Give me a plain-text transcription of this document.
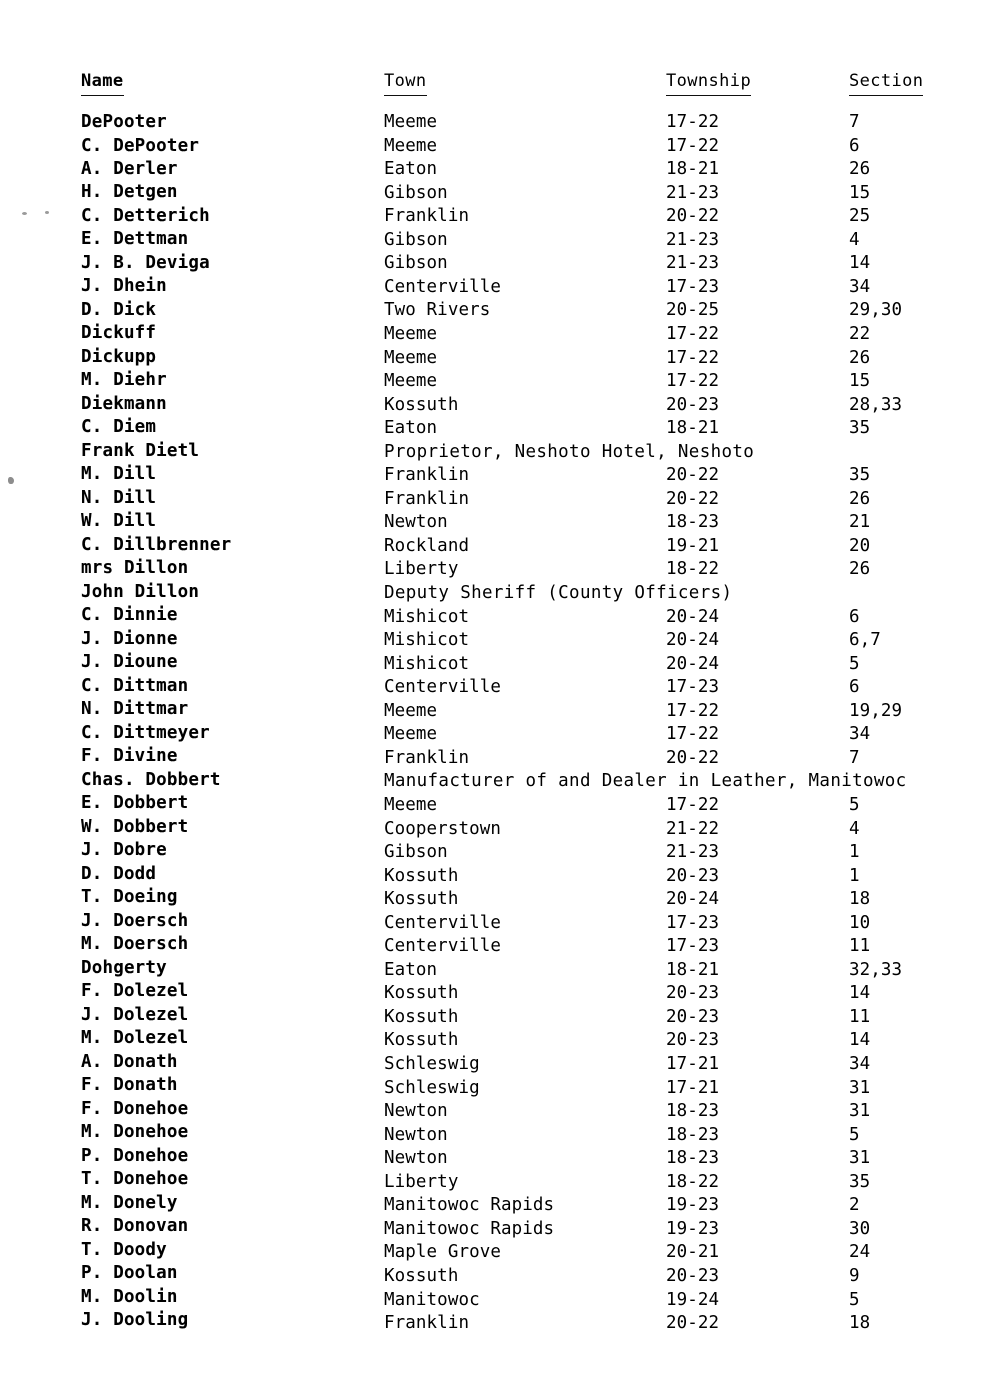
Name	Town	Township	Section
DePooter	Meeme	17-22	7
C. DePooter	Meeme	17-22	6
A. Derler	Eaton	18-21	26
H. Detgen	Gibson	21-23	15
C. Detterich	Franklin	20-22	25
E. Dettman	Gibson	21-23	4
J. B. Deviga	Gibson	21-23	14
J. Dhein	Centerville	17-23	34
D. Dick	Two Rivers	20-25	29,30
Dickuff	Meeme	17-22	22
Dickupp	Meeme	17-22	26
M. Diehr	Meeme	17-22	15
Diekmann	Kossuth	20-23	28,33
C. Diem	Eaton	18-21	35
Frank Dietl	Proprietor, Neshoto Hotel, Neshoto
M. Dill	Franklin	20-22	35
N. Dill	Franklin	20-22	26
W. Dill	Newton	18-23	21
C. Dillbrenner	Rockland	19-21	20
mrs Dillon	Liberty	18-22	26
John Dillon	Deputy Sheriff (County Officers)
C. Dinnie	Mishicot	20-24	6
J. Dionne	Mishicot	20-24	6,7
J. Dioune	Mishicot	20-24	5
C. Dittman	Centerville	17-23	6
N. Dittmar	Meeme	17-22	19,29
C. Dittmeyer	Meeme	17-22	34
F. Divine	Franklin	20-22	7
Chas. Dobbert	Manufacturer of and Dealer in Leather, Manitowoc
E. Dobbert	Meeme	17-22	5
W. Dobbert	Cooperstown	21-22	4
J. Dobre	Gibson	21-23	1
D. Dodd	Kossuth	20-23	1
T. Doeing	Kossuth	20-24	18
J. Doersch	Centerville	17-23	10
M. Doersch	Centerville	17-23	11
Dohgerty	Eaton	18-21	32,33
F. Dolezel	Kossuth	20-23	14
J. Dolezel	Kossuth	20-23	11
M. Dolezel	Kossuth	20-23	14
A. Donath	Schleswig	17-21	34
F. Donath	Schleswig	17-21	31
F. Donehoe	Newton	18-23	31
M. Donehoe	Newton	18-23	5
P. Donehoe	Newton	18-23	31
T. Donehoe	Liberty	18-22	35
M. Donely	Manitowoc Rapids	19-23	2
R. Donovan	Manitowoc Rapids	19-23	30
T. Doody	Maple Grove	20-21	24
P. Doolan	Kossuth	20-23	9
M. Doolin	Manitowoc	19-24	5
J. Dooling	Franklin	20-22	18
